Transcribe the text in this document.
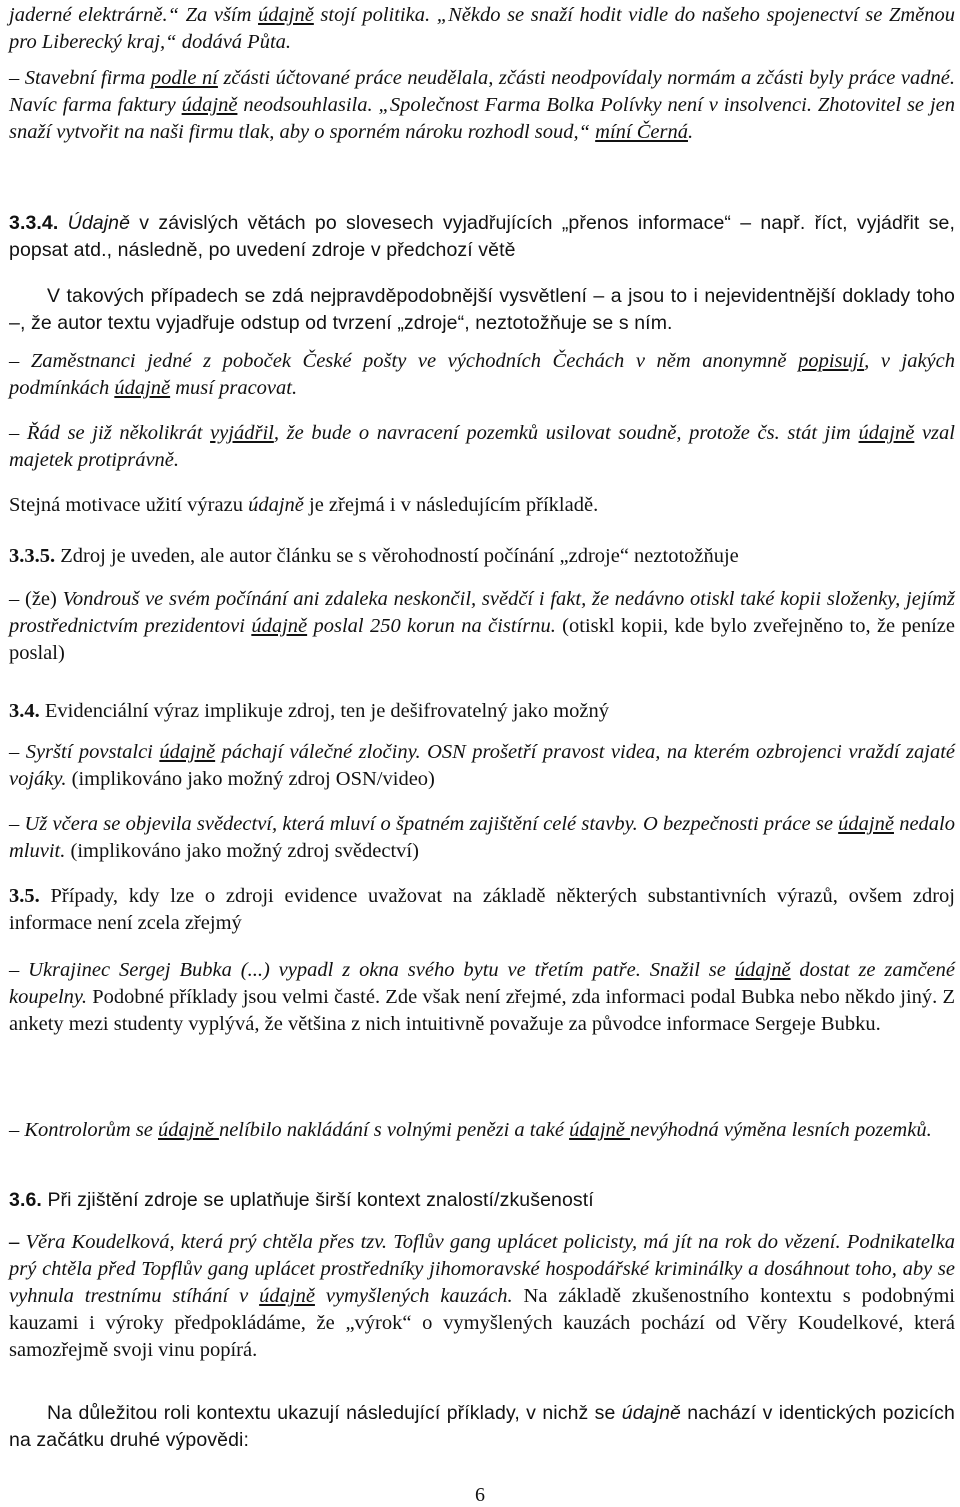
jaderné elektrárně.“ Za vším údajně stojí politika. „Někdo se snaží hodit vidle do našeho spojenectví se Změnou pro Liberecký kraj,“ dodává Půta.

– Stavební firma podle ní zčásti účtované práce neudělala, zčásti neodpovídaly normám a zčásti byly práce vadné. Navíc farma faktury údajně neodsouhlasila. „Společnost Farma Bolka Polívky není v insolvenci. Zhotovitel se jen snaží vytvořit na naši firmu tlak, aby o sporném nároku rozhodl soud,“ míní Černá.

3.3.4. Údajně v závislých větách po slovesech vyjadřujících „přenos informace“ – např. říct, vyjádřit se, popsat atd., následně, po uvedení zdroje v předchozí větě

V takových případech se zdá nejpravděpodobnější vysvětlení – a jsou to i nejevidentnější doklady toho –, že autor textu vyjadřuje odstup od tvrzení „zdroje“, neztotožňuje se s ním.

– Zaměstnanci jedné z poboček České pošty ve východních Čechách v něm anonymně popisují, v jakých podmínkách údajně musí pracovat.

– Řád se již několikrát vyjádřil, že bude o navracení pozemků usilovat soudně, protože čs. stát jim údajně vzal majetek protiprávně.

Stejná motivace užití výrazu údajně je zřejmá i v následujícím příkladě.

3.3.5. Zdroj je uveden, ale autor článku se s věrohodností počínání „zdroje“ neztotožňuje

– (že) Vondrouš ve svém počínání ani zdaleka neskončil, svědčí i fakt, že nedávno otiskl také kopii složenky, jejímž prostřednictvím prezidentovi údajně poslal 250 korun na čistírnu. (otiskl kopii, kde bylo zveřejněno to, že peníze poslal)

3.4. Evidenciální výraz implikuje zdroj, ten je dešifrovatelný jako možný

– Syrští povstalci údajně páchají válečné zločiny. OSN prošetří pravost videa, na kterém ozbrojenci vraždí zajaté vojáky. (implikováno jako možný zdroj OSN/video)

– Už včera se objevila svědectví, která mluví o špatném zajištění celé stavby. O bezpečnosti práce se údajně nedalo mluvit. (implikováno jako možný zdroj svědectví)

3.5. Případy, kdy lze o zdroji evidence uvažovat na základě některých substantivních výrazů, ovšem zdroj informace není zcela zřejmý

– Ukrajinec Sergej Bubka (...) vypadl z okna svého bytu ve třetím patře. Snažil se údajně dostat ze zamčené koupelny. Podobné příklady jsou velmi časté. Zde však není zřejmé, zda informaci podal Bubka nebo někdo jiný. Z ankety mezi studenty vyplývá, že většina z nich intuitivně považuje za původce informace Sergeje Bubku.

– Kontrolorům se údajně nelíbilo nakládání s volnými penězi a také údajně nevýhodná výměna lesních pozemků.

3.6. Při zjištění zdroje se uplatňuje širší kontext znalostí/zkušeností

– Věra Koudelková, která prý chtěla přes tzv. Toflův gang uplácet policisty, má jít na rok do vězení. Podnikatelka prý chtěla před Topflův gang uplácet prostředníky jihomoravské hospodářské kriminálky a dosáhnout toho, aby se vyhnula trestnímu stíhání v údajně vymyšlených kauzách. Na základě zkušenostního kontextu s podobnými kauzami i výroky předpokládáme, že „výrok“ o vymyšlených kauzách pochází od Věry Koudelkové, která samozřejmě svoji vinu popírá.

Na důležitou roli kontextu ukazují následující příklady, v nichž se údajně nachází v identických pozicích na začátku druhé výpovědi:

6
